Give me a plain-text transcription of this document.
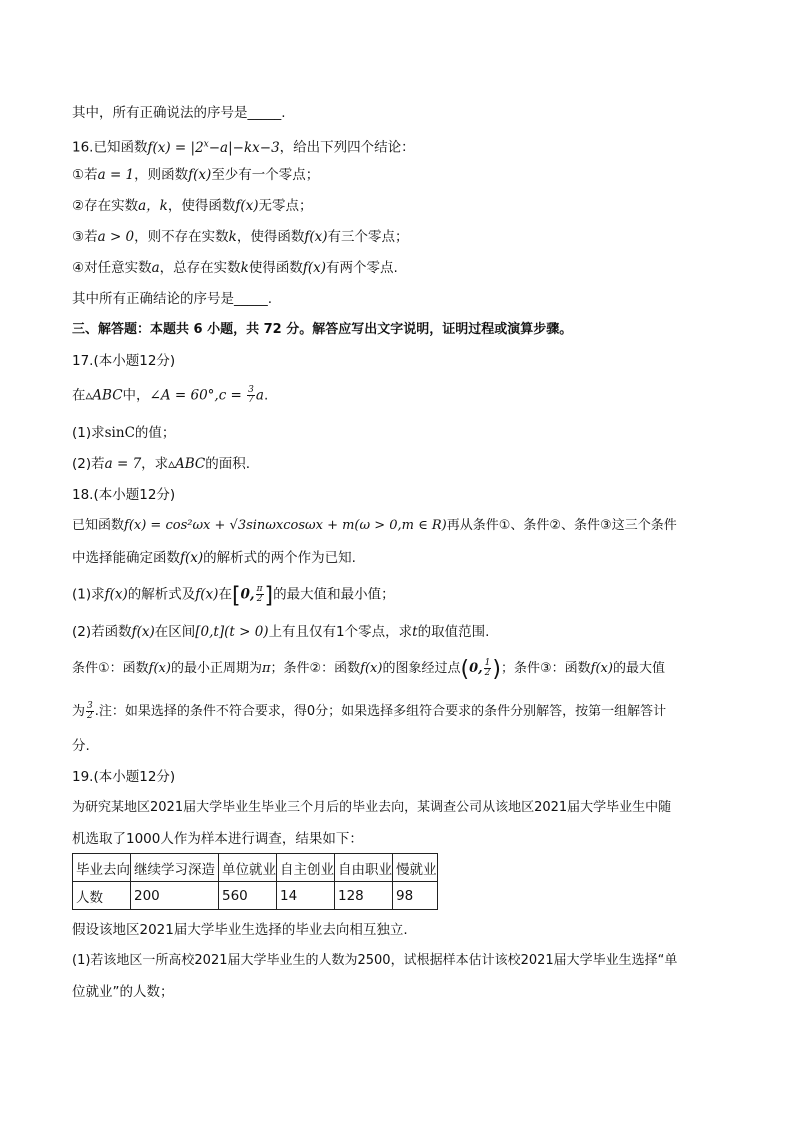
其中，所有正确说法的序号是_____.
16.已知函数$f(x) = |2^x-a|-kx-3$，给出下列四个结论：
①若a = 1，则函数f(x)至少有一个零点；
②存在实数a，k，使得函数f(x)无零点；
③若a > 0，则不存在实数k，使得函数f(x)有三个零点；
④对任意实数a，总存在实数k使得函数f(x)有两个零点.
其中所有正确结论的序号是_____.
三、解答题：本题共 6 小题，共 72 分。解答应写出文字说明，证明过程或演算步骤。
17.(本小题12分)
在▵ABC中，∠A = $60^\circ,c = \frac{3}{7} a$.
(1)求sinC的值；
(2)若a = 7，求▵ABC的面积.
18.(本小题12分)
已知函数f(x) = cos²ωx + √3sinωxcosωx + m(ω > 0,m ∈ R)再从条件①、条件②、条件③这三个条件
中选择能确定函数f(x)的解析式的两个作为已知.
(1)求f(x)的解析式及f(x)在[0, $\frac{\pi}{2}$ ]的最大值和最小值；
(2)若函数f(x)在区间[0,t](t > 0)上有且仅有1个零点，求t的取值范围.
条件①：函数f(x)的最小正周期为π；条件②：函数f(x)的图象经过点(0, $\frac{1}{2}$ )；条件③：函数f(x)的最大值
为 $\frac{3}{2}$ .注：如果选择的条件不符合要求，得0分；如果选择多组符合要求的条件分别解答，按第一组解答计
分.
19.(本小题12分)
为研究某地区2021届大学毕业生毕业三个月后的毕业去向，某调查公司从该地区2021届大学毕业生中随
机选取了1000人作为样本进行调查，结果如下：
毕业去向	继续学习深造	单位就业	自主创业	自由职业	慢就业
人数	200	560	14	128	98
假设该地区2021届大学毕业生选择的毕业去向相互独立.
(1)若该地区一所高校2021届大学毕业生的人数为2500，试根据样本估计该校2021届大学毕业生选择“单
位就业”的人数；
